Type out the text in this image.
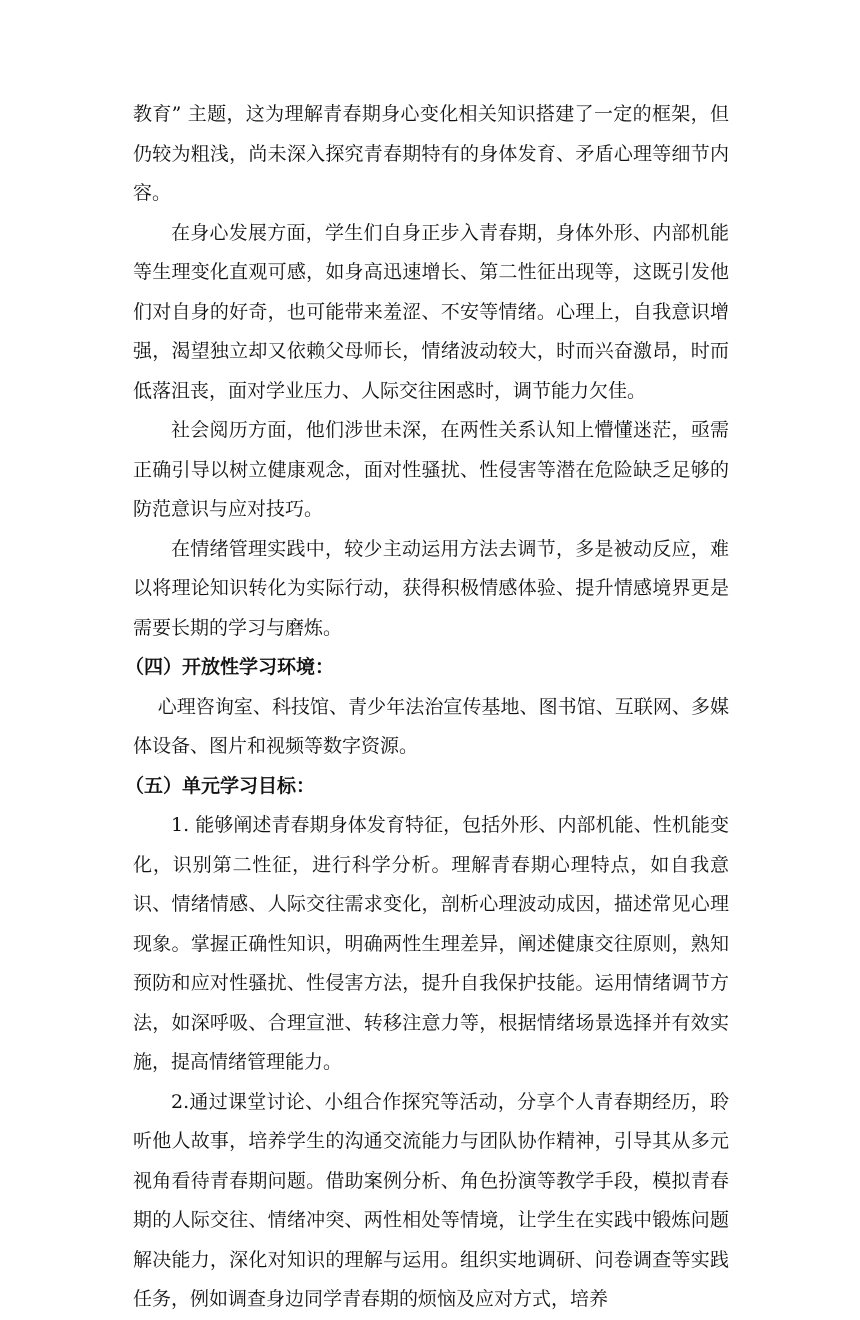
教育” 主题，这为理解青春期身心变化相关知识搭建了一定的框架，但仍较为粗浅，尚未深入探究青春期特有的身体发育、矛盾心理等细节内容。

在身心发展方面，学生们自身正步入青春期，身体外形、内部机能等生理变化直观可感，如身高迅速增长、第二性征出现等，这既引发他们对自身的好奇，也可能带来羞涩、不安等情绪。心理上，自我意识增强，渴望独立却又依赖父母师长，情绪波动较大，时而兴奋激昂，时而低落沮丧，面对学业压力、人际交往困惑时，调节能力欠佳。

社会阅历方面，他们涉世未深，在两性关系认知上懵懂迷茫，亟需正确引导以树立健康观念，面对性骚扰、性侵害等潜在危险缺乏足够的防范意识与应对技巧。

在情绪管理实践中，较少主动运用方法去调节，多是被动反应，难以将理论知识转化为实际行动，获得积极情感体验、提升情感境界更是需要长期的学习与磨炼。

（四）开放性学习环境：

心理咨询室、科技馆、青少年法治宣传基地、图书馆、互联网、多媒体设备、图片和视频等数字资源。

（五）单元学习目标：

1. 能够阐述青春期身体发育特征，包括外形、内部机能、性机能变化，识别第二性征，进行科学分析。理解青春期心理特点，如自我意识、情绪情感、人际交往需求变化，剖析心理波动成因，描述常见心理现象。掌握正确性知识，明确两性生理差异，阐述健康交往原则，熟知预防和应对性骚扰、性侵害方法，提升自我保护技能。运用情绪调节方法，如深呼吸、合理宣泄、转移注意力等，根据情绪场景选择并有效实施，提高情绪管理能力。

2.通过课堂讨论、小组合作探究等活动，分享个人青春期经历，聆听他人故事，培养学生的沟通交流能力与团队协作精神，引导其从多元视角看待青春期问题。借助案例分析、角色扮演等教学手段，模拟青春期的人际交往、情绪冲突、两性相处等情境，让学生在实践中锻炼问题解决能力，深化对知识的理解与运用。组织实地调研、问卷调查等实践任务，例如调查身边同学青春期的烦恼及应对方式，培养
